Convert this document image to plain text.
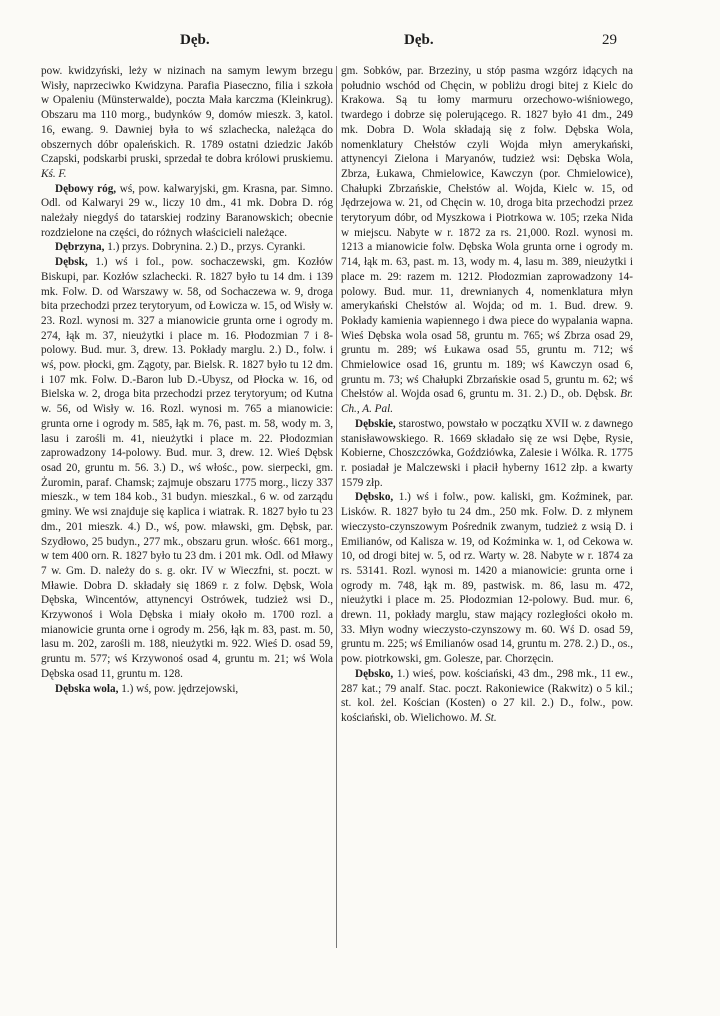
Dęb.	Dęb.	29

pow. kwidzyński, leży w nizinach na samym lewym brzegu Wisły, naprzeciwko Kwidzyna. Parafia Piaseczno, filia i szkoła w Opaleniu (Münsterwalde), poczta Mała karczma (Kleinkrug). Obszaru ma 110 morg., budynków 9, domów mieszk. 3, katol. 16, ewang. 9. Dawniej była to wś szlachecka, należąca do obszernych dóbr opaleńskich. R. 1789 ostatni dziedzic Jakób Czapski, podskarbi pruski, sprzedał te dobra królowi pruskiemu. Kś. F.

Dębowy róg, wś, pow. kalwaryjski, gm. Krasna, par. Simno. Odl. od Kalwaryi 29 w., liczy 10 dm., 41 mk. Dobra D. róg należały niegdyś do tatarskiej rodziny Baranowskich; obecnie rozdzielone na części, do różnych właścicieli należące.

Dębrzyna, 1.) przys. Dobrynina. 2.) D., przys. Cyranki.

Dębsk, 1.) wś i fol., pow. sochaczewski, gm. Kozłów Biskupi, par. Kozłów szlachecki. R. 1827 było tu 14 dm. i 139 mk. Folw. D. od Warszawy w. 58, od Sochaczewa w. 9, droga bita przechodzi przez terytoryum, od Łowicza w. 15, od Wisły w. 23. Rozl. wynosi m. 327 a mianowicie grunta orne i ogrody m. 274, łąk m. 37, nieużytki i place m. 16. Płodozmian 7 i 8-polowy. Bud. mur. 3, drew. 13. Pokłady marglu. 2.) D., folw. i wś, pow. płocki, gm. Zągoty, par. Bielsk. R. 1827 było tu 12 dm. i 107 mk. Folw. D.-Baron lub D.-Ubysz, od Płocka w. 16, od Bielska w. 2, droga bita przechodzi przez terytoryum; od Kutna w. 56, od Wisły w. 16. Rozl. wynosi m. 765 a mianowicie: grunta orne i ogrody m. 585, łąk m. 76, past. m. 58, wody m. 3, lasu i zarośli m. 41, nieużytki i place m. 22. Płodozmian zaprowadzony 14-polowy. Bud. mur. 3, drew. 12. Wieś Dębsk osad 20, gruntu m. 56. 3.) D., wś włośc., pow. sierpecki, gm. Żuromin, paraf. Chamsk; zajmuje obszaru 1775 morg., liczy 337 mieszk., w tem 184 kob., 31 budyn. mieszkal., 6 w. od zarządu gminy. We wsi znajduje się kaplica i wiatrak. R. 1827 było tu 23 dm., 201 mieszk. 4.) D., wś, pow. mławski, gm. Dębsk, par. Szydłowo, 25 budyn., 277 mk., obszaru grun. włośc. 661 morg., w tem 400 orn. R. 1827 było tu 23 dm. i 201 mk. Odl. od Mławy 7 w. Gm. D. należy do s. g. okr. IV w Wieczfni, st. poczt. w Mławie. Dobra D. składały się 1869 r. z folw. Dębsk, Wola Dębska, Wincentów, attynencyi Ostrówek, tudzież wsi D., Krzywonoś i Wola Dębska i miały około m. 1700 rozl. a mianowicie grunta orne i ogrody m. 256, łąk m. 83, past. m. 50, lasu m. 202, zarośli m. 188, nieużytki m. 922. Wieś D. osad 59, gruntu m. 577; wś Krzywonoś osad 4, gruntu m. 21; wś Wola Dębska osad 11, gruntu m. 128.

Dębska wola, 1.) wś, pow. jędrzejowski,

gm. Sobków, par. Brzeziny, u stóp pasma wzgórz idących na południo wschód od Chęcin, w pobliżu drogi bitej z Kielc do Krakowa. Są tu łomy marmuru orzechowo-wiśniowego, twardego i dobrze się polerującego. R. 1827 było 41 dm., 249 mk. Dobra D. Wola składają się z folw. Dębska Wola, nomenklatury Chełstów czyli Wojda młyn amerykański, attynencyi Zielona i Maryanów, tudzież wsi: Dębska Wola, Zbrza, Łukawa, Chmielowice, Kawczyn (por. Chmielowice), Chałupki Zbrzańskie, Chełstów al. Wojda, Kielc w. 15, od Jędrzejowa w. 21, od Chęcin w. 10, droga bita przechodzi przez terytoryum dóbr, od Myszkowa i Piotrkowa w. 105; rzeka Nida w miejscu. Nabyte w r. 1872 za rs. 21,000. Rozl. wynosi m. 1213 a mianowicie folw. Dębska Wola grunta orne i ogrody m. 714, łąk m. 63, past. m. 13, wody m. 4, lasu m. 389, nieużytki i place m. 29: razem m. 1212. Płodozmian zaprowadzony 14-polowy. Bud. mur. 11, drewnianych 4, nomenklatura młyn amerykański Chełstów al. Wojda; od m. 1. Bud. drew. 9. Pokłady kamienia wapiennego i dwa piece do wypalania wapna. Wieś Dębska wola osad 58, gruntu m. 765; wś Zbrza osad 29, gruntu m. 289; wś Łukawa osad 55, gruntu m. 712; wś Chmielowice osad 16, gruntu m. 189; wś Kawczyn osad 6, gruntu m. 73; wś Chałupki Zbrzańskie osad 5, gruntu m. 62; wś Chełstów al. Wojda osad 6, gruntu m. 31. 2.) D., ob. Dębsk. Br. Ch., A. Pal.

Dębskie, starostwo, powstało w początku XVII w. z dawnego stanisławowskiego. R. 1669 składało się ze wsi Dębe, Rysie, Kobierne, Choszczówka, Goździówka, Zalesie i Wólka. R. 1775 r. posiadał je Malczewski i płacił hyberny 1612 złp. a kwarty 1579 złp.

Dębsko, 1.) wś i folw., pow. kaliski, gm. Koźminek, par. Lisków. R. 1827 było tu 24 dm., 250 mk. Folw. D. z młynem wieczysto-czynszowym Pośrednik zwanym, tudzież z wsią D. i Emilianów, od Kalisza w. 19, od Koźminka w. 1, od Cekowa w. 10, od drogi bitej w. 5, od rz. Warty w. 28. Nabyte w r. 1874 za rs. 53141. Rozl. wynosi m. 1420 a mianowicie: grunta orne i ogrody m. 748, łąk m. 89, pastwisk. m. 86, lasu m. 472, nieużytki i place m. 25. Płodozmian 12-polowy. Bud. mur. 6, drewn. 11, pokłady marglu, staw mający rozległości około m. 33. Młyn wodny wieczysto-czynszowy m. 60. Wś D. osad 59, gruntu m. 225; wś Emilianów osad 14, gruntu m. 278. 2.) D., os., pow. piotrkowski, gm. Golesze, par. Chorzęcin.

Dębsko, 1.) wieś, pow. kościański, 43 dm., 298 mk., 11 ew., 287 kat.; 79 analf. Stac. poczt. Rakoniewice (Rakwitz) o 5 kil.; st. kol. żel. Kościan (Kosten) o 27 kil. 2.) D., folw., pow. kościański, ob. Wielichowo. M. St.
